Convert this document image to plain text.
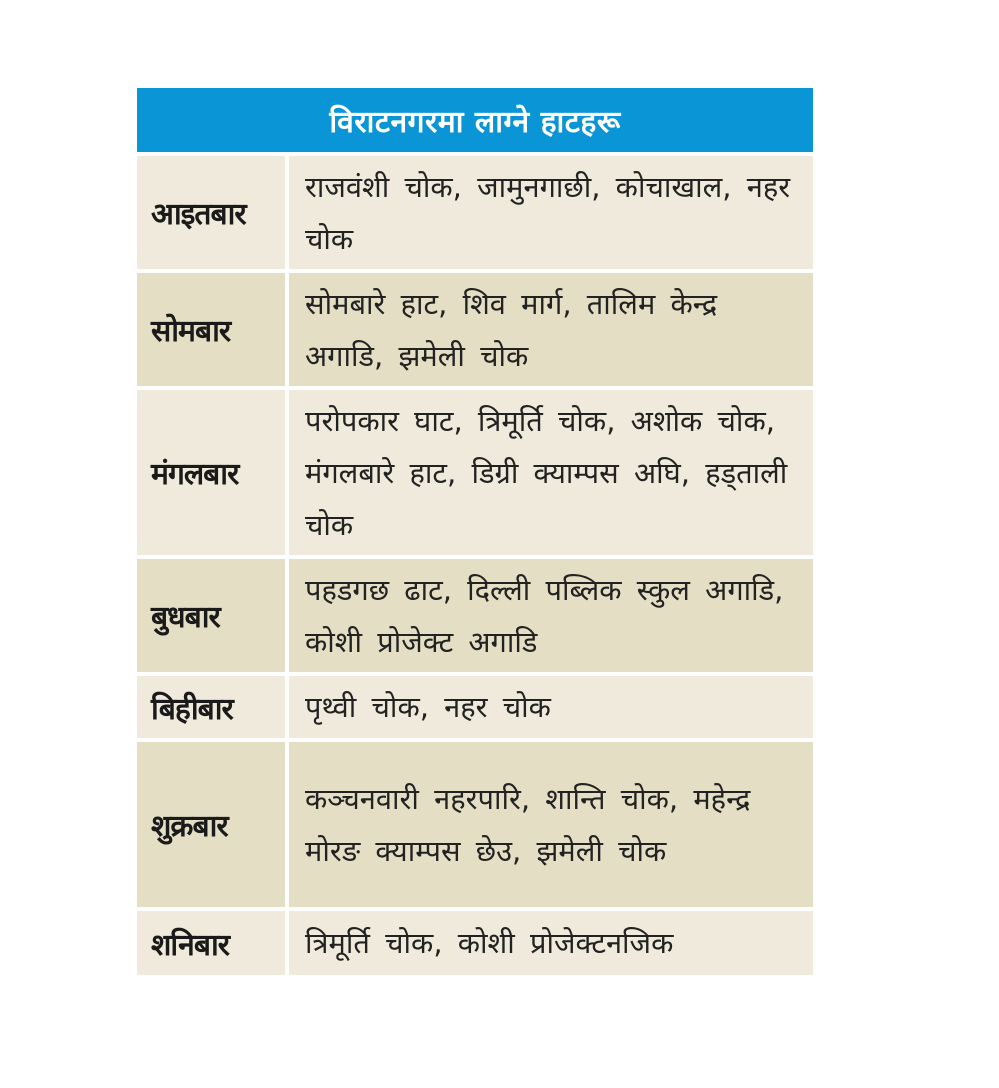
विराटनगरमा लाग्ने हाटहरू
आइतबार
राजवंशी चोक, जामुनगाछी, कोचाखाल, नहर चोक
सोमबार
सोमबारे हाट, शिव मार्ग, तालिम केन्द्र अगाडि, झमेली चोक
मंगलबार
परोपकार घाट, त्रिमूर्ति चोक, अशोक चोक, मंगलबारे हाट, डिग्री क्याम्पस अघि, हड्ताली चोक
बुधबार
पहडगछ ढाट, दिल्ली पब्लिक स्कुल अगाडि, कोशी प्रोजेक्ट अगाडि
बिहीबार	पृथ्वी चोक, नहर चोक
शुक्रबार
कञ्चनवारी नहरपारि, शान्ति चोक, महेन्द्र मोरङ क्याम्पस छेउ, झमेली चोक
शनिबार	त्रिमूर्ति चोक, कोशी प्रोजेक्टनजिक
